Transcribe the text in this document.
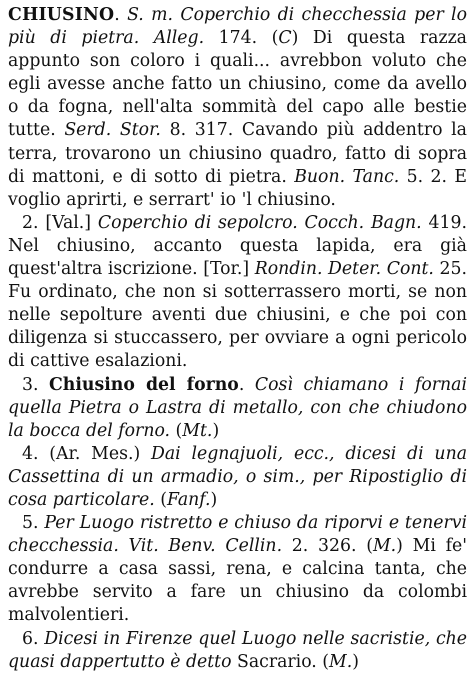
CHIUSINO. S. m. Coperchio di checchessia per lo più di pietra. Alleg. 174. (C) Di questa razza appunto son coloro i quali... avrebbon voluto che egli avesse anche fatto un chiusino, come da avello o da fogna, nell'alta sommità del capo alle bestie tutte. Serd. Stor. 8. 317. Cavando più addentro la terra, trovarono un chiusino quadro, fatto di sopra di mattoni, e di sotto di pietra. Buon. Tanc. 5. 2. E voglio aprirti, e serrart' io 'l chiusino.

2. [Val.] Coperchio di sepolcro. Cocch. Bagn. 419. Nel chiusino, accanto questa lapida, era già quest'altra iscrizione. [Tor.] Rondin. Deter. Cont. 25. Fu ordinato, che non si sotterrassero morti, se non nelle sepolture aventi due chiusini, e che poi con diligenza si stuccassero, per ovviare a ogni pericolo di cattive esalazioni.

3. Chiusino del forno. Così chiamano i fornai quella Pietra o Lastra di metallo, con che chiudono la bocca del forno. (Mt.)

4. (Ar. Mes.) Dai legnajuoli, ecc., dicesi di una Cassettina di un armadio, o sim., per Ripostiglio di cosa particolare. (Fanf.)

5. Per Luogo ristretto e chiuso da riporvi e tenervi checchessia. Vit. Benv. Cellin. 2. 326. (M.) Mi fe' condurre a casa sassi, rena, e calcina tanta, che avrebbe servito a fare un chiusino da colombi malvolentieri.

6. Dicesi in Firenze quel Luogo nelle sacristie, che quasi dappertutto è detto Sacrario. (M.)
